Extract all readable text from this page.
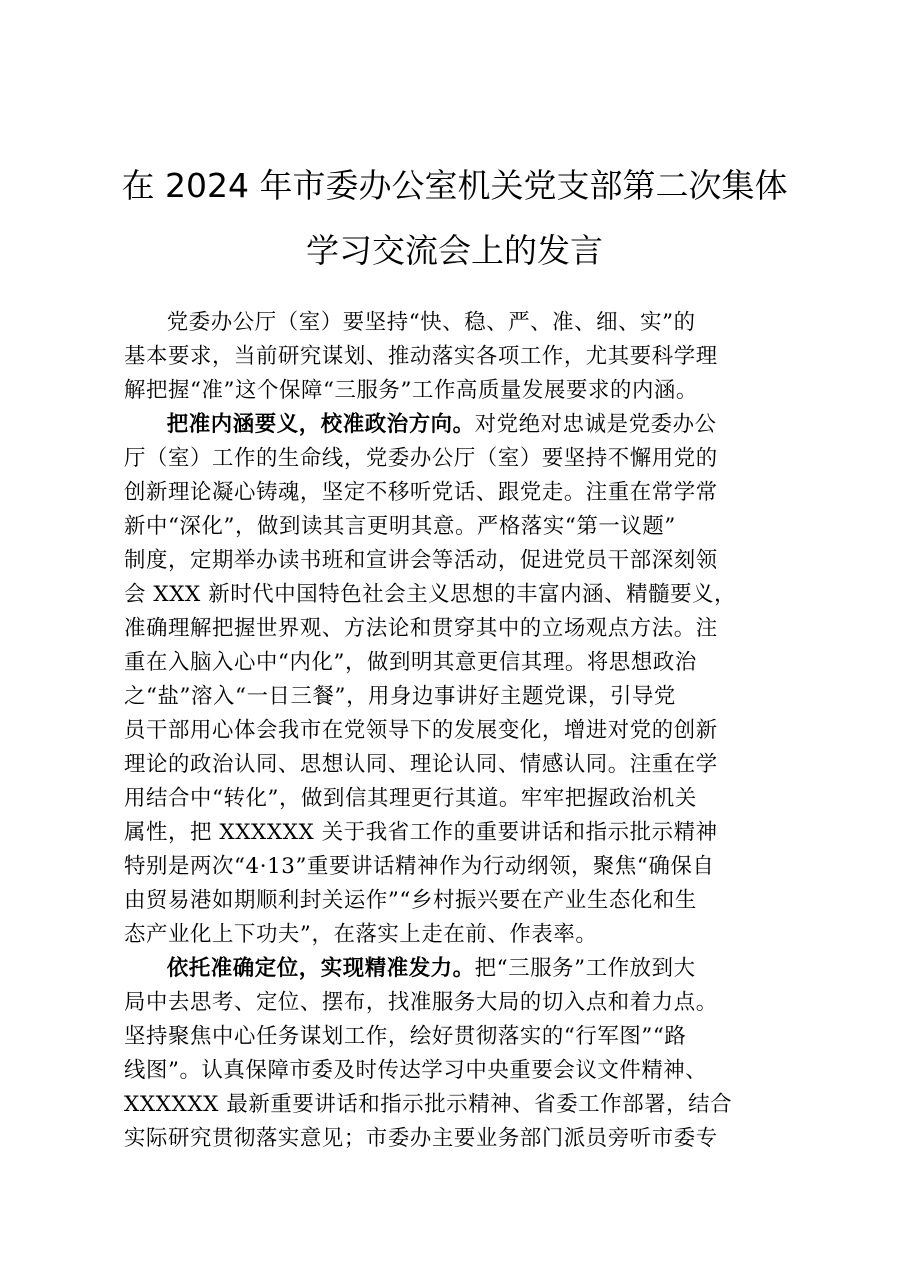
在 2024 年市委办公室机关党支部第二次集体
学习交流会上的发言

党委办公厅（室）要坚持“快、稳、严、准、细、实”的
基本要求，当前研究谋划、推动落实各项工作，尤其要科学理
解把握“准”这个保障“三服务”工作高质量发展要求的内涵。

把准内涵要义，校准政治方向。对党绝对忠诚是党委办公
厅（室）工作的生命线，党委办公厅（室）要坚持不懈用党的
创新理论凝心铸魂，坚定不移听党话、跟党走。注重在常学常
新中“深化”，做到读其言更明其意。严格落实“第一议题”
制度，定期举办读书班和宣讲会等活动，促进党员干部深刻领
会 XXX 新时代中国特色社会主义思想的丰富内涵、精髓要义，
准确理解把握世界观、方法论和贯穿其中的立场观点方法。注
重在入脑入心中“内化”，做到明其意更信其理。将思想政治
之“盐”溶入“一日三餐”，用身边事讲好主题党课，引导党
员干部用心体会我市在党领导下的发展变化，增进对党的创新
理论的政治认同、思想认同、理论认同、情感认同。注重在学
用结合中“转化”，做到信其理更行其道。牢牢把握政治机关
属性，把 XXXXXX 关于我省工作的重要讲话和指示批示精神
特别是两次“4·13”重要讲话精神作为行动纲领，聚焦“确保自
由贸易港如期顺利封关运作”“乡村振兴要在产业生态化和生
态产业化上下功夫”，在落实上走在前、作表率。

依托准确定位，实现精准发力。把“三服务”工作放到大
局中去思考、定位、摆布，找准服务大局的切入点和着力点。
坚持聚焦中心任务谋划工作，绘好贯彻落实的“行军图”“路
线图”。认真保障市委及时传达学习中央重要会议文件精神、
XXXXXX 最新重要讲话和指示批示精神、省委工作部署，结合
实际研究贯彻落实意见；市委办主要业务部门派员旁听市委专
